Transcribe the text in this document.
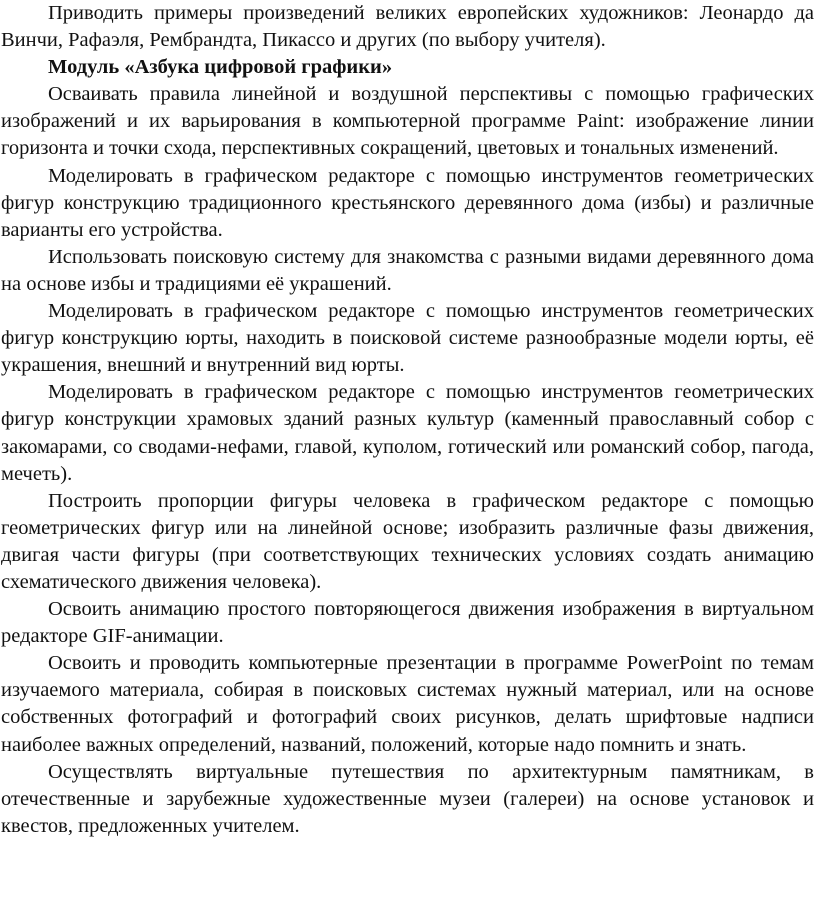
Приводить примеры произведений великих европейских художников: Леонардо да Винчи, Рафаэля, Рембрандта, Пикассо и других (по выбору учителя).

Модуль «Азбука цифровой графики»

Осваивать правила линейной и воздушной перспективы с помощью графических изображений и их варьирования в компьютерной программе Paint: изображение линии горизонта и точки схода, перспективных сокращений, цветовых и тональных изменений.

Моделировать в графическом редакторе с помощью инструментов геометрических фигур конструкцию традиционного крестьянского деревянного дома (избы) и различные варианты его устройства.

Использовать поисковую систему для знакомства с разными видами деревянного дома на основе избы и традициями её украшений.

Моделировать в графическом редакторе с помощью инструментов геометрических фигур конструкцию юрты, находить в поисковой системе разнообразные модели юрты, её украшения, внешний и внутренний вид юрты.

Моделировать в графическом редакторе с помощью инструментов геометрических фигур конструкции храмовых зданий разных культур (каменный православный собор с закомарами, со сводами-нефами, главой, куполом, готический или романский собор, пагода, мечеть).

Построить пропорции фигуры человека в графическом редакторе с помощью геометрических фигур или на линейной основе; изобразить различные фазы движения, двигая части фигуры (при соответствующих технических условиях создать анимацию схематического движения человека).

Освоить анимацию простого повторяющегося движения изображения в виртуальном редакторе GIF-анимации.

Освоить и проводить компьютерные презентации в программе PowerPoint по темам изучаемого материала, собирая в поисковых системах нужный материал, или на основе собственных фотографий и фотографий своих рисунков, делать шрифтовые надписи наиболее важных определений, названий, положений, которые надо помнить и знать.

Осуществлять виртуальные путешествия по архитектурным памятникам, в отечественные и зарубежные художественные музеи (галереи) на основе установок и квестов, предложенных учителем.
